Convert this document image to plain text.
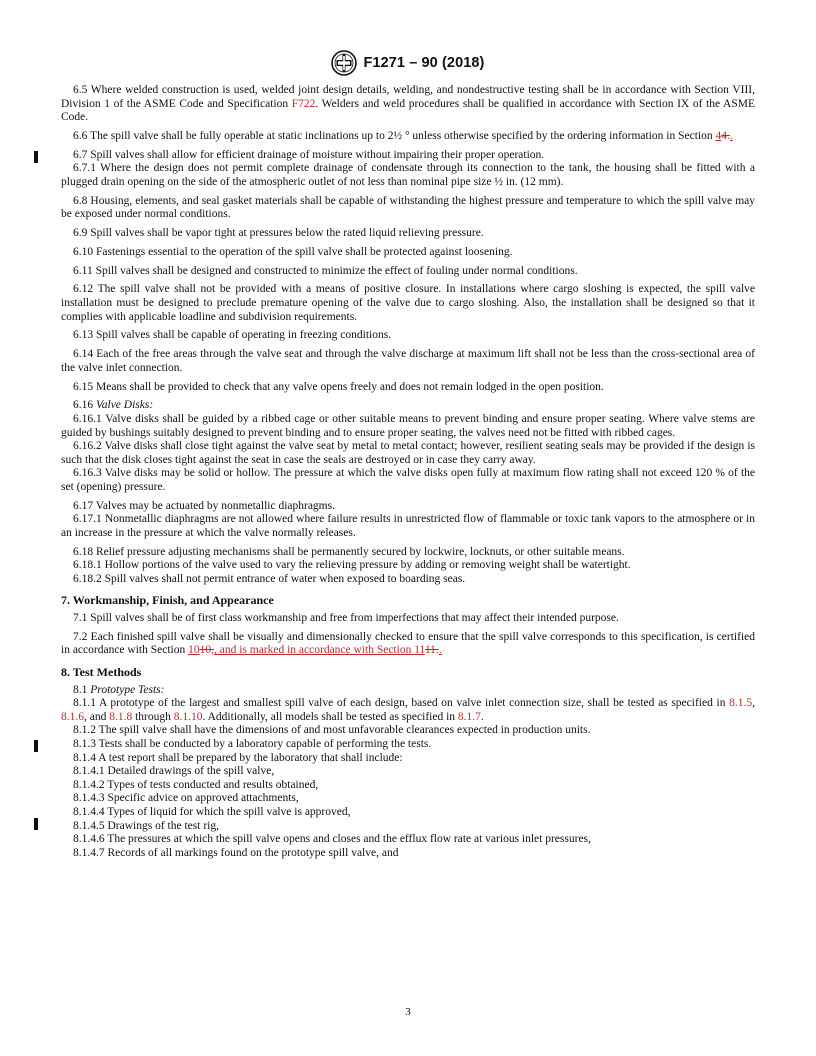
F1271 – 90 (2018)

6.5 Where welded construction is used, welded joint design details, welding, and nondestructive testing shall be in accordance with Section VIII, Division 1 of the ASME Code and Specification F722. Welders and weld procedures shall be qualified in accordance with Section IX of the ASME Code.

6.6 The spill valve shall be fully operable at static inclinations up to 2½ ° unless otherwise specified by the ordering information in Section 44..

6.7 Spill valves shall allow for efficient drainage of moisture without impairing their proper operation.

6.7.1 Where the design does not permit complete drainage of condensate through its connection to the tank, the housing shall be fitted with a plugged drain opening on the side of the atmospheric outlet of not less than nominal pipe size ½ in. (12 mm).

6.8 Housing, elements, and seal gasket materials shall be capable of withstanding the highest pressure and temperature to which the spill valve may be exposed under normal conditions.

6.9 Spill valves shall be vapor tight at pressures below the rated liquid relieving pressure.

6.10 Fastenings essential to the operation of the spill valve shall be protected against loosening.

6.11 Spill valves shall be designed and constructed to minimize the effect of fouling under normal conditions.

6.12 The spill valve shall not be provided with a means of positive closure. In installations where cargo sloshing is expected, the spill valve installation must be designed to preclude premature opening of the valve due to cargo sloshing. Also, the installation shall be designed so that it complies with applicable loadline and subdivision requirements.

6.13 Spill valves shall be capable of operating in freezing conditions.

6.14 Each of the free areas through the valve seat and through the valve discharge at maximum lift shall not be less than the cross-sectional area of the valve inlet connection.

6.15 Means shall be provided to check that any valve opens freely and does not remain lodged in the open position.

6.16 Valve Disks:

6.16.1 Valve disks shall be guided by a ribbed cage or other suitable means to prevent binding and ensure proper seating. Where valve stems are guided by bushings suitably designed to prevent binding and to ensure proper seating, the valves need not be fitted with ribbed cages.

6.16.2 Valve disks shall close tight against the valve seat by metal to metal contact; however, resilient seating seals may be provided if the design is such that the disk closes tight against the seat in case the seals are destroyed or in case they carry away.

6.16.3 Valve disks may be solid or hollow. The pressure at which the valve disks open fully at maximum flow rating shall not exceed 120 % of the set (opening) pressure.

6.17 Valves may be actuated by nonmetallic diaphragms.

6.17.1 Nonmetallic diaphragms are not allowed where failure results in unrestricted flow of flammable or toxic tank vapors to the atmosphere or in an increase in the pressure at which the valve normally releases.

6.18 Relief pressure adjusting mechanisms shall be permanently secured by lockwire, locknuts, or other suitable means.

6.18.1 Hollow portions of the valve used to vary the relieving pressure by adding or removing weight shall be watertight.

6.18.2 Spill valves shall not permit entrance of water when exposed to boarding seas.

7. Workmanship, Finish, and Appearance

7.1 Spill valves shall be of first class workmanship and free from imperfections that may affect their intended purpose.

7.2 Each finished spill valve shall be visually and dimensionally checked to ensure that the spill valve corresponds to this specification, is certified in accordance with Section 1010,, and is marked in accordance with Section 1111..

8. Test Methods

8.1 Prototype Tests:

8.1.1 A prototype of the largest and smallest spill valve of each design, based on valve inlet connection size, shall be tested as specified in 8.1.5, 8.1.6, and 8.1.8 through 8.1.10. Additionally, all models shall be tested as specified in 8.1.7.

8.1.2 The spill valve shall have the dimensions of and most unfavorable clearances expected in production units.

8.1.3 Tests shall be conducted by a laboratory capable of performing the tests.

8.1.4 A test report shall be prepared by the laboratory that shall include:

8.1.4.1 Detailed drawings of the spill valve,

8.1.4.2 Types of tests conducted and results obtained,

8.1.4.3 Specific advice on approved attachments,

8.1.4.4 Types of liquid for which the spill valve is approved,

8.1.4.5 Drawings of the test rig,

8.1.4.6 The pressures at which the spill valve opens and closes and the efflux flow rate at various inlet pressures,

8.1.4.7 Records of all markings found on the prototype spill valve, and

3
